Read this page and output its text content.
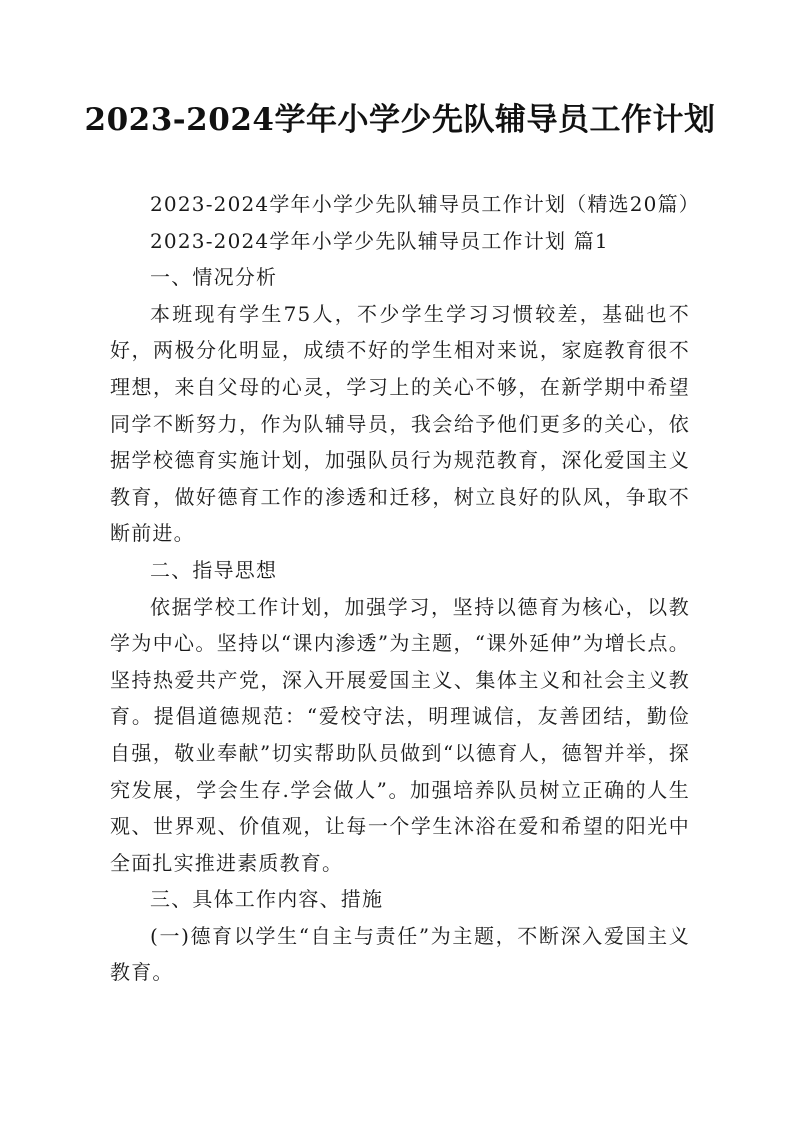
2023-2024学年小学少先队辅导员工作计划

2023-2024学年小学少先队辅导员工作计划（精选20篇）

2023-2024学年小学少先队辅导员工作计划 篇1

一、情况分析

本班现有学生75人，不少学生学习习惯较差，基础也不好，两极分化明显，成绩不好的学生相对来说，家庭教育很不理想，来自父母的心灵，学习上的关心不够，在新学期中希望同学不断努力，作为队辅导员，我会给予他们更多的关心，依据学校德育实施计划，加强队员行为规范教育，深化爱国主义教育，做好德育工作的渗透和迁移，树立良好的队风，争取不断前进。

二、指导思想

依据学校工作计划，加强学习，坚持以德育为核心，以教学为中心。坚持以“课内渗透”为主题，“课外延伸”为增长点。坚持热爱共产党，深入开展爱国主义、集体主义和社会主义教育。提倡道德规范：“爱校守法，明理诚信，友善团结，勤俭自强，敬业奉献”切实帮助队员做到“以德育人，德智并举，探究发展，学会生存.学会做人”。加强培养队员树立正确的人生观、世界观、价值观，让每一个学生沐浴在爱和希望的阳光中全面扎实推进素质教育。

三、具体工作内容、措施

(一)德育以学生“自主与责任”为主题，不断深入爱国主义教育。
